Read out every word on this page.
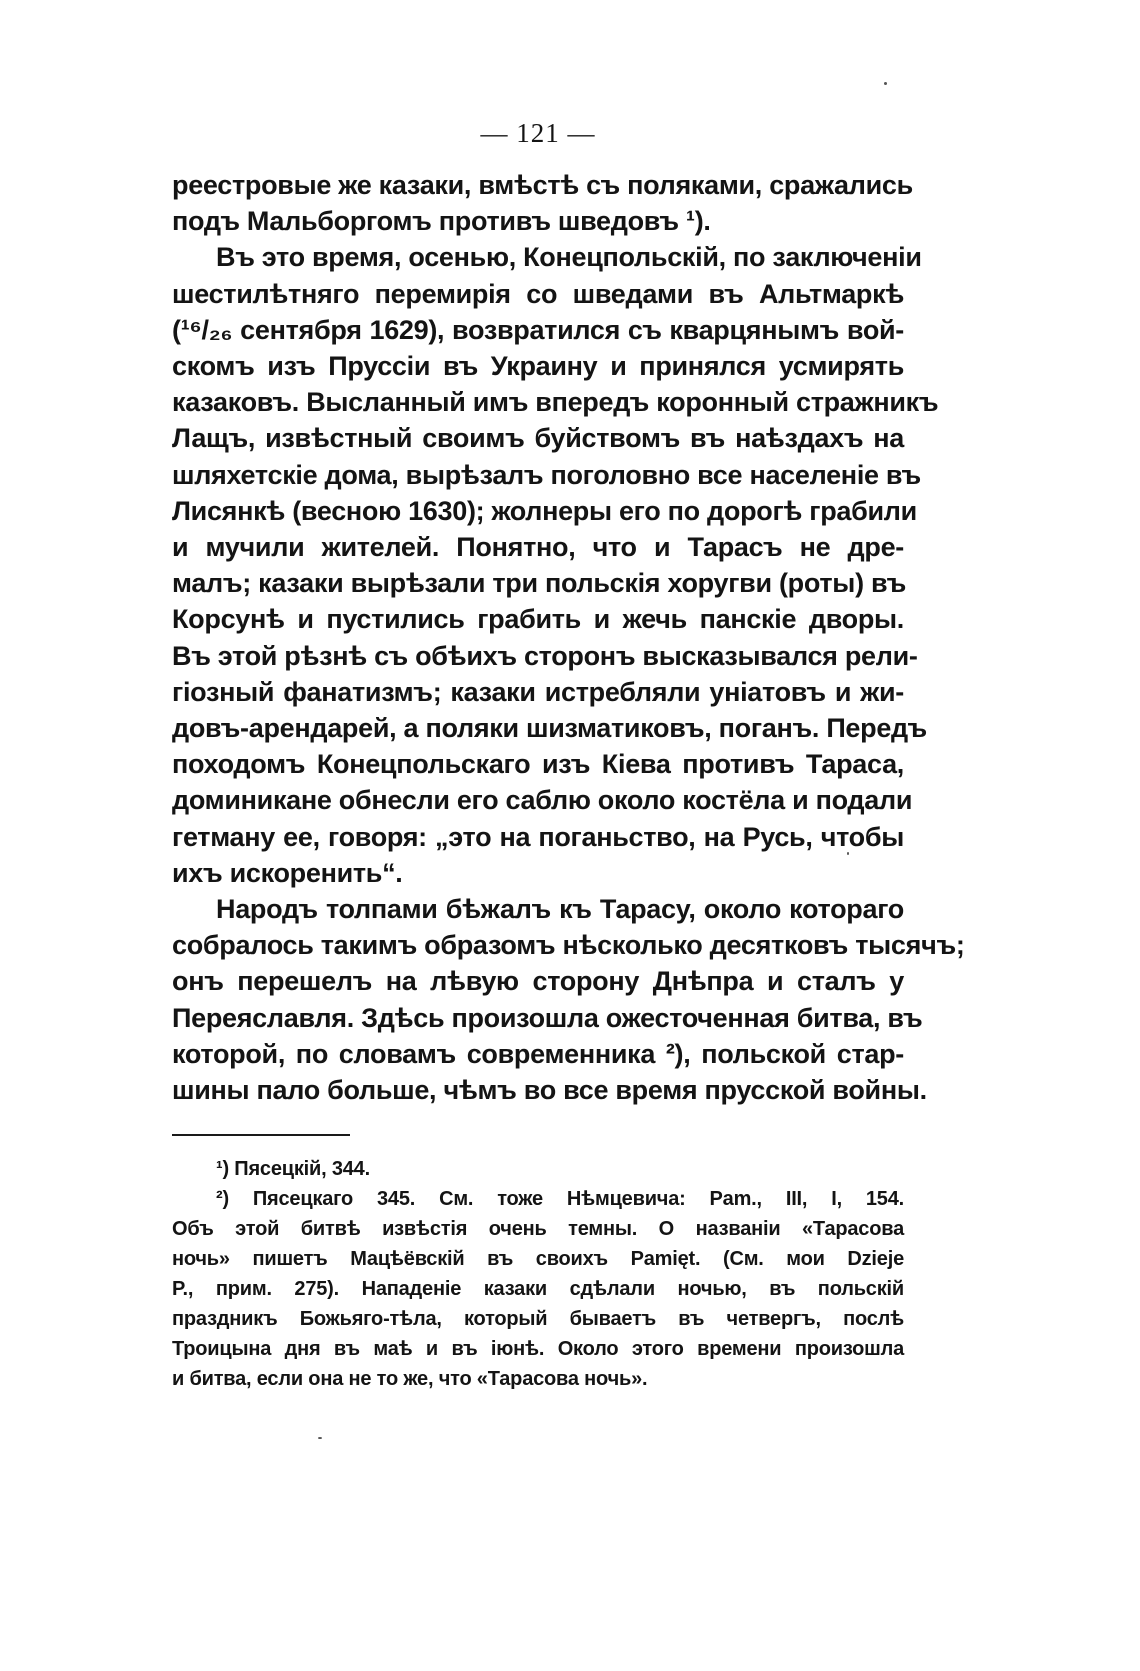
— 121 —
реестровые же казаки, вмѣстѣ съ поляками, сражались
подъ Мальборгомъ противъ шведовъ ¹).
Въ это время, осенью, Конецпольскій, по заключеніи
шестилѣтняго перемирія со шведами въ Альтмаркѣ
(¹⁶/₂₆ сентября 1629), возвратился съ кварцянымъ вой-
скомъ изъ Пруссіи въ Украину и принялся усмирять
казаковъ. Высланный имъ впередъ коронный стражникъ
Лащъ, извѣстный своимъ буйствомъ въ наѣздахъ на
шляхетскіе дома, вырѣзалъ поголовно все населеніе въ
Лисянкѣ (весною 1630); жолнеры его по дорогѣ грабили
и мучили жителей. Понятно, что и Тарасъ не дре-
малъ; казаки вырѣзали три польскія хоругви (роты) въ
Корсунѣ и пустились грабить и жечь панскіе дворы.
Въ этой рѣзнѣ съ обѣихъ сторонъ высказывался рели-
гіозный фанатизмъ; казаки истребляли уніатовъ и жи-
довъ-арендарей, а поляки шизматиковъ, поганъ. Передъ
походомъ Конецпольскаго изъ Кіева противъ Тараса,
доминикане обнесли его саблю около костёла и подали
гетману ее, говоря: „это на поганьство, на Русь, чтобы
ихъ искоренить“.
Народъ толпами бѣжалъ къ Тарасу, около котораго
собралось такимъ образомъ нѣсколько десятковъ тысячъ;
онъ перешелъ на лѣвую сторону Днѣпра и сталъ у
Переяславля. Здѣсь произошла ожесточенная битва, въ
которой, по словамъ современника ²), польской стар-
шины пало больше, чѣмъ во все время прусской войны.
¹) Пясецкій, 344.
²) Пясецкаго 345. См. тоже Нѣмцевича: Pam., III, I, 154.
Объ этой битвѣ извѣстія очень темны. О названіи «Тарасова
ночь» пишетъ Мацѣёвскій въ своихъ Pamięt. (См. мои Dzieje
P., прим. 275). Нападеніе казаки сдѣлали ночью, въ польскій
праздникъ Божьяго-тѣла, который бываетъ въ четвергъ, послѣ
Троицына дня въ маѣ и въ іюнѣ. Около этого времени произошла
и битва, если она не то же, что «Тарасова ночь».
